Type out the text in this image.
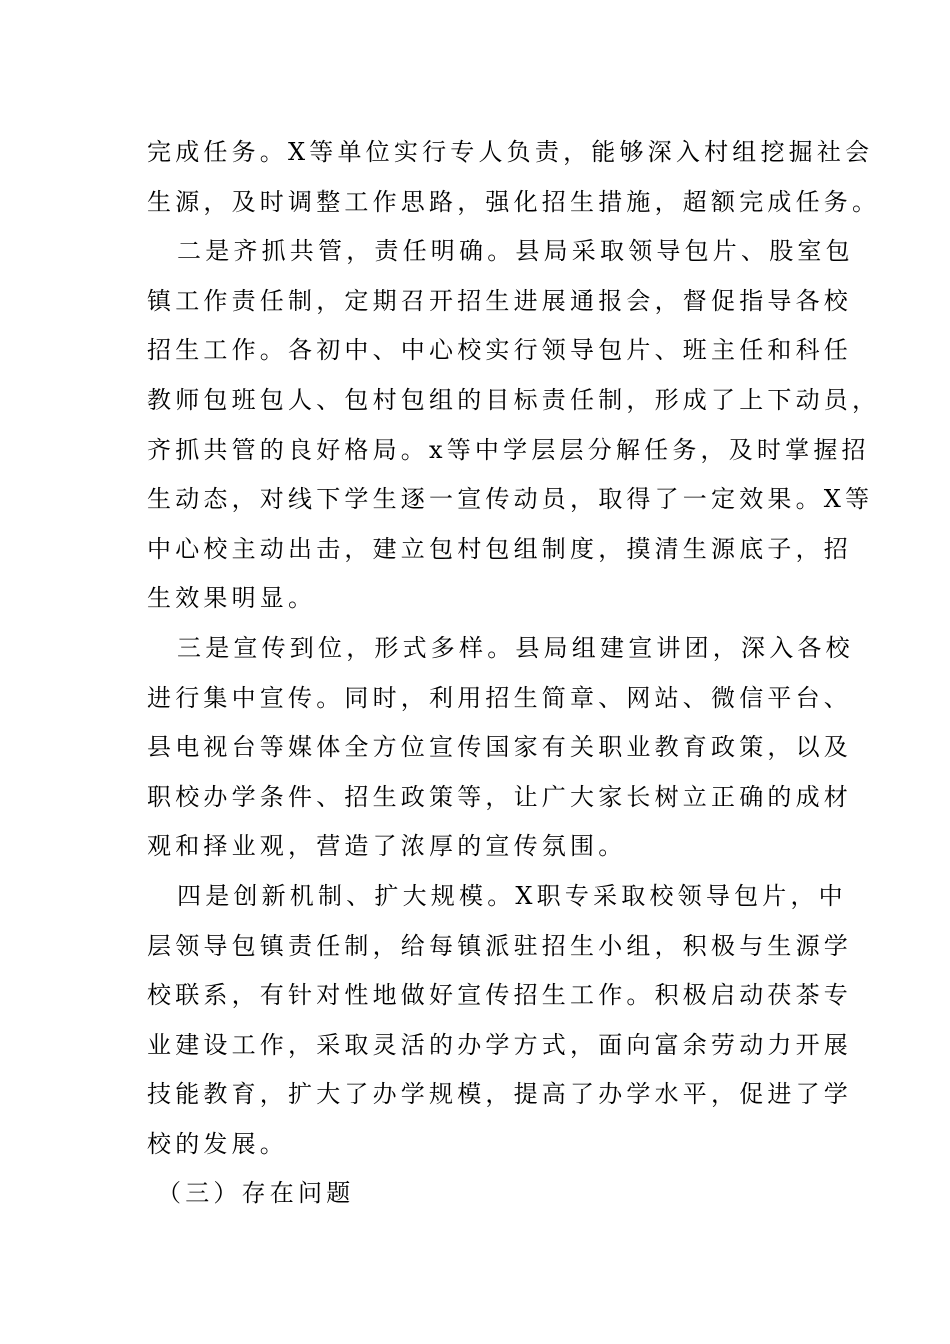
完成任务。X等单位实行专人负责，能够深入村组挖掘社会
生源，及时调整工作思路，强化招生措施，超额完成任务。
二是齐抓共管，责任明确。县局采取领导包片、股室包
镇工作责任制，定期召开招生进展通报会，督促指导各校
招生工作。各初中、中心校实行领导包片、班主任和科任
教师包班包人、包村包组的目标责任制，形成了上下动员，
齐抓共管的良好格局。x等中学层层分解任务，及时掌握招
生动态，对线下学生逐一宣传动员，取得了一定效果。X等
中心校主动出击，建立包村包组制度，摸清生源底子，招
生效果明显。
三是宣传到位，形式多样。县局组建宣讲团，深入各校
进行集中宣传。同时，利用招生简章、网站、微信平台、
县电视台等媒体全方位宣传国家有关职业教育政策，以及
职校办学条件、招生政策等，让广大家长树立正确的成材
观和择业观，营造了浓厚的宣传氛围。
四是创新机制、扩大规模。X职专采取校领导包片，中
层领导包镇责任制，给每镇派驻招生小组，积极与生源学
校联系，有针对性地做好宣传招生工作。积极启动茯茶专
业建设工作，采取灵活的办学方式，面向富余劳动力开展
技能教育，扩大了办学规模，提高了办学水平，促进了学
校的发展。
（三）存在问题
